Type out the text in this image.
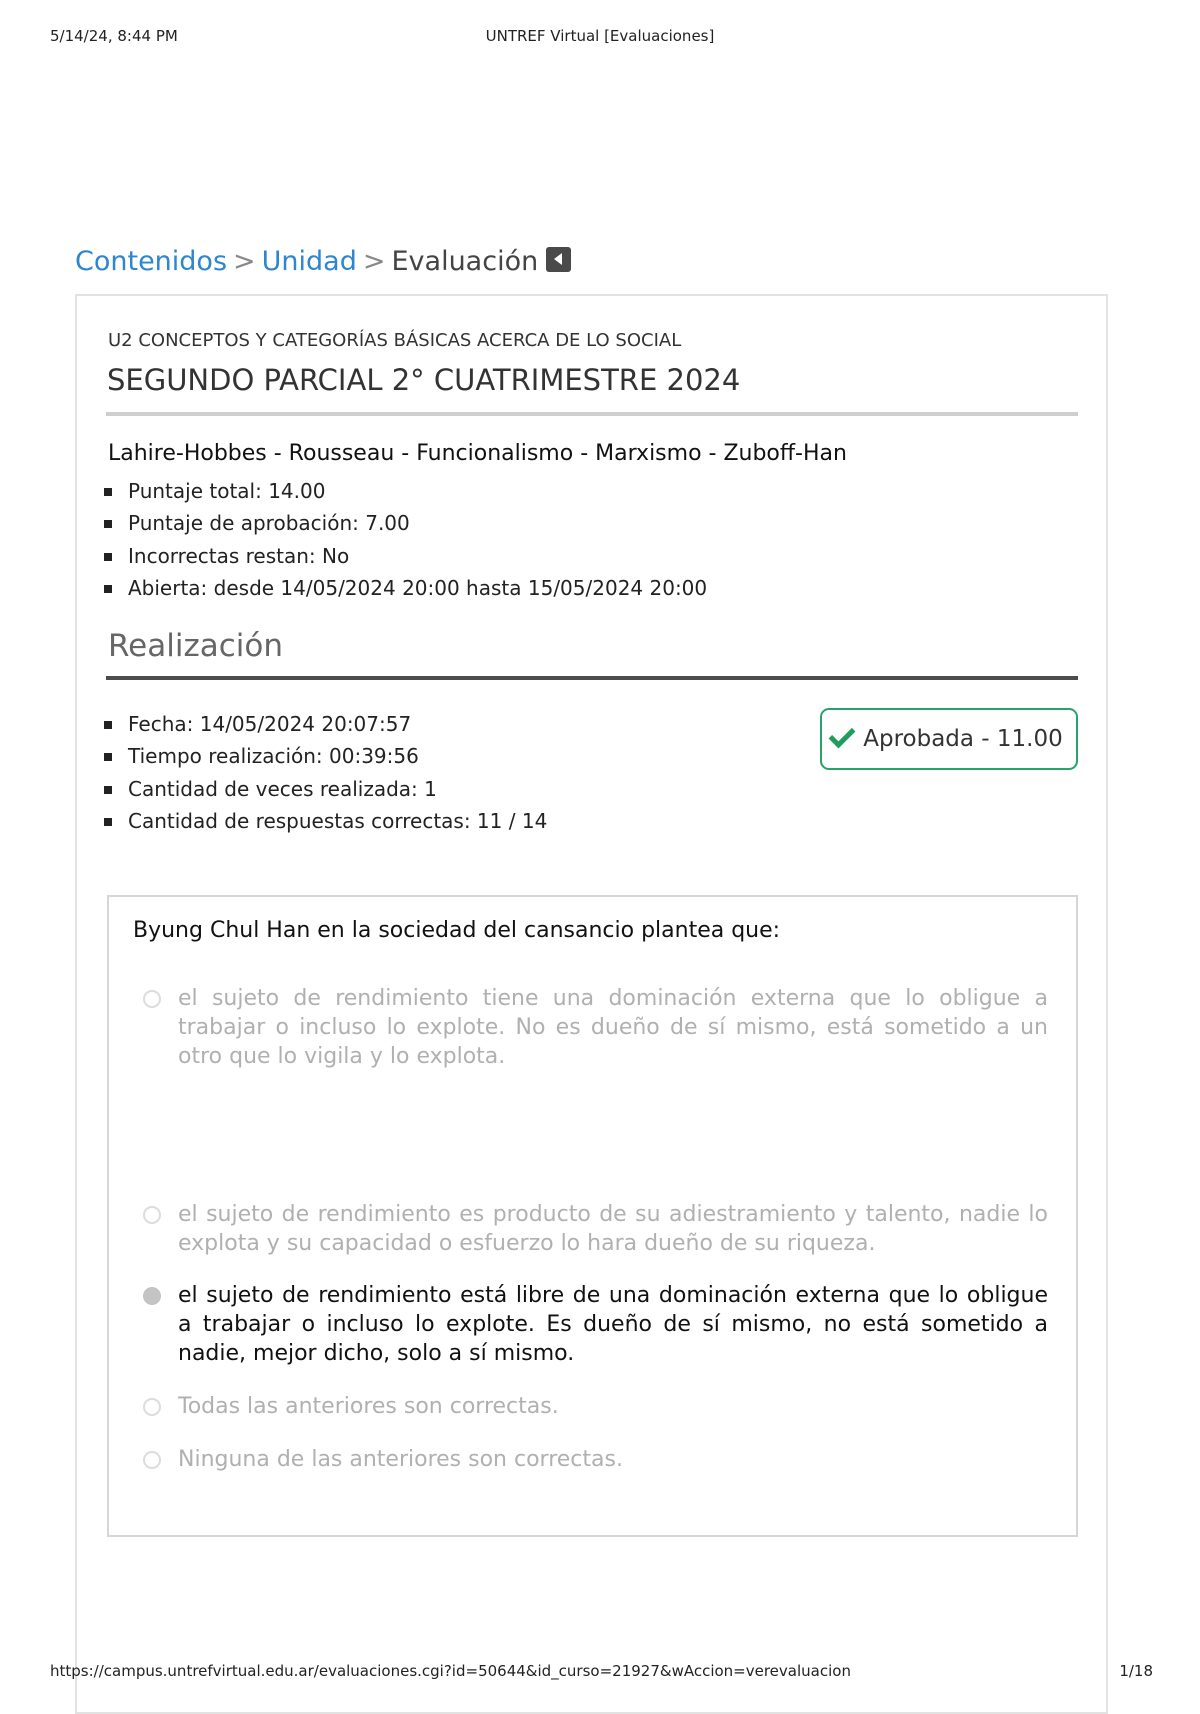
5/14/24, 8:44 PM	UNTREF Virtual [Evaluaciones]
Contenidos > Unidad > Evaluación
U2 CONCEPTOS Y CATEGORÍAS BÁSICAS ACERCA DE LO SOCIAL
SEGUNDO PARCIAL 2° CUATRIMESTRE 2024
Lahire-Hobbes - Rousseau - Funcionalismo - Marxismo - Zuboff-Han
Puntaje total: 14.00
Puntaje de aprobación: 7.00
Incorrectas restan: No
Abierta: desde 14/05/2024 20:00 hasta 15/05/2024 20:00
Realización
Fecha: 14/05/2024 20:07:57
Tiempo realización: 00:39:56
Cantidad de veces realizada: 1
Cantidad de respuestas correctas: 11 / 14
Aprobada - 11.00
Byung Chul Han en la sociedad del cansancio plantea que:
el sujeto de rendimiento tiene una dominación externa que lo obligue a trabajar o incluso lo explote. No es dueño de sí mismo, está sometido a un otro que lo vigila y lo explota.
el sujeto de rendimiento es producto de su adiestramiento y talento, nadie lo explota y su capacidad o esfuerzo lo hara dueño de su riqueza.
el sujeto de rendimiento está libre de una dominación externa que lo obligue a trabajar o incluso lo explote. Es dueño de sí mismo, no está sometido a nadie, mejor dicho, solo a sí mismo.
Todas las anteriores son correctas.
Ninguna de las anteriores son correctas.
https://campus.untrefvirtual.edu.ar/evaluaciones.cgi?id=50644&id_curso=21927&wAccion=verevaluacion	1/18
